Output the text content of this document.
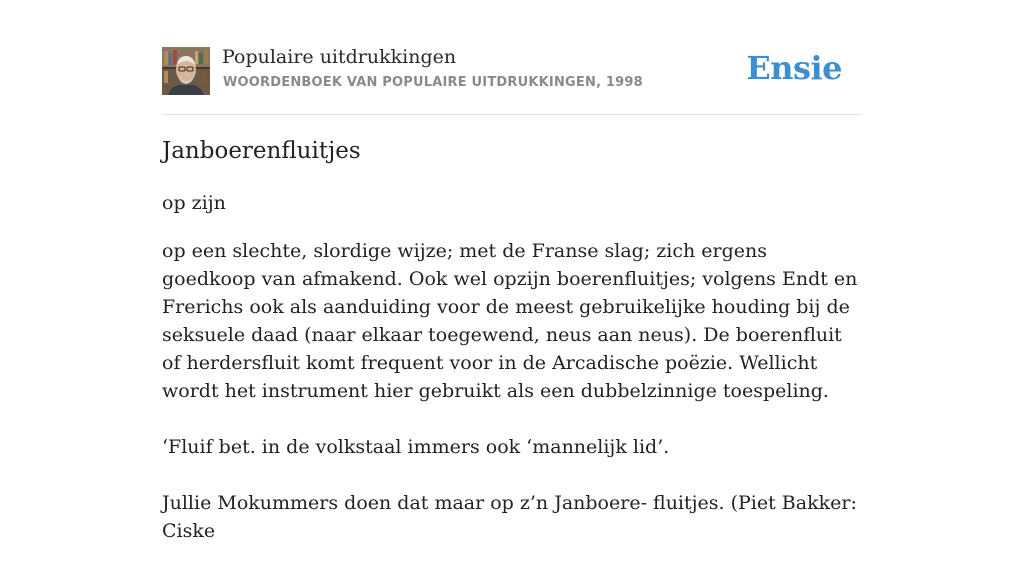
Populaire uitdrukkingen
WOORDENBOEK VAN POPULAIRE UITDRUKKINGEN, 1998	Ensie
Janboerenfluitjes
op zijn

op een slechte, slordige wijze; met de Franse slag; zich ergens goedkoop van afmakend. Ook wel opzijn boerenfluitjes; volgens Endt en Frerichs ook als aanduiding voor de meest gebruikelijke houding bij de seksuele daad (naar elkaar toegewend, neus aan neus). De boerenfluit of herdersfluit komt frequent voor in de Arcadische poëzie. Wellicht wordt het instrument hier gebruikt als een dubbelzinnige toespeling.

‘Fluif bet. in de volkstaal immers ook ‘mannelijk lid’.

Jullie Mokummers doen dat maar op z’n Janboere- fluitjes. (Piet Bakker: Ciske
